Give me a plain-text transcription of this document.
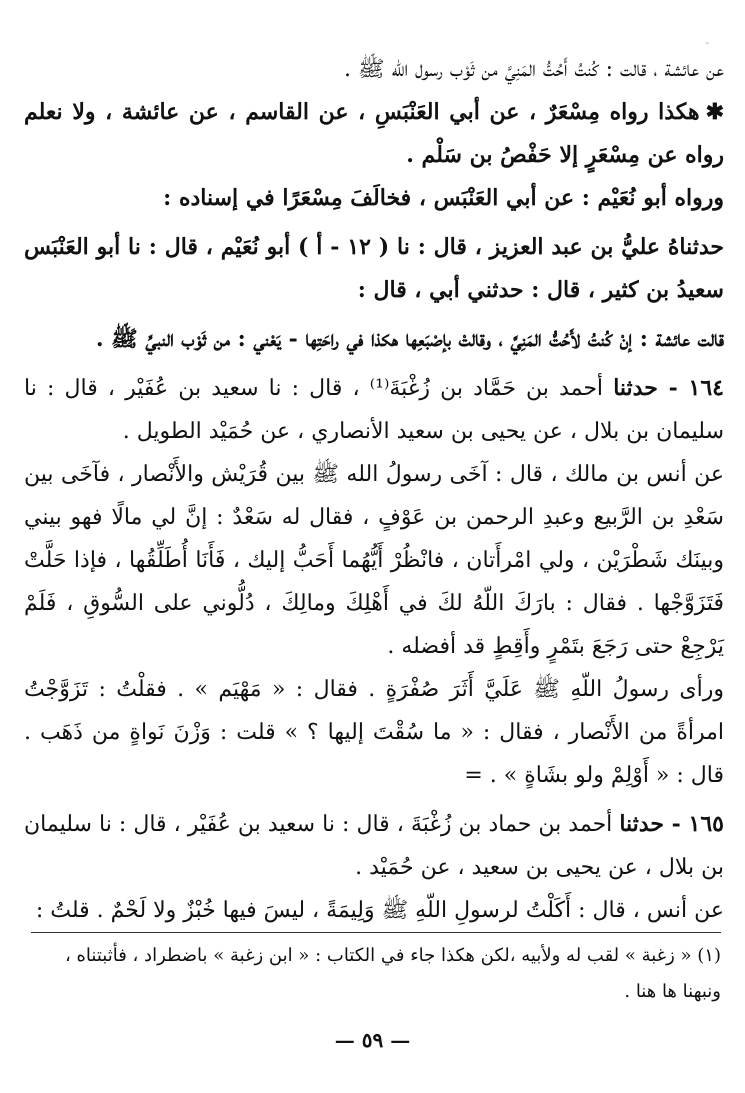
-

عن عائشة ، قالت : كُنتُ أَحُتُّ المَنِيَّ من ثَوْب رسول الله ﷺ .

✱هكذا رواه مِسْعَرٌ ، عن أبي العَنْبَسِ ، عن القاسم ، عن عائشة ، ولا نعلم رواه عن مِسْعَرٍ إلا حَفْصُ بن سَلْم .

ورواه أبو نُعَيْم : عن أبي العَنْبَس ، فخالَفَ مِسْعَرًا في إسناده :

حدثناهُ عليُّ بن عبد العزيز ، قال : نا ( ١٢ - أ ) أبو نُعَيْم ، قال : نا أبو العَنْبَس سعيدُ بن كثير ، قال : حدثني أبي ، قال :

قالت عائشة : إنْ كُنتُ لأَحُتُّ المَنِيَّ ، وقالتْ بإصْبَعِها هكذا في راحَتِها - يَعْني : من ثَوْب النبيِّ ﷺ .

١٦٤ - حدثنا أحمد بن حَمَّاد بن زُغْبَةَ⁽¹⁾ ، قال : نا سعيد بن عُفَيْر ، قال : نا سليمان بن بلال ، عن يحيى بن سعيد الأنصاري ، عن حُمَيْد الطويل .

عن أنس بن مالك ، قال : آخَى رسولُ الله ﷺ بين قُرَيْش والأَنْصار ، فآخَى بين سَعْدِ بن الرَّبيع وعبدِ الرحمن بن عَوْفٍ ، فقال له سَعْدٌ : إنَّ لي مالًا فهو بيني وبينَك شَطْرَيْن ، ولي امْرأَتان ، فانْظُرْ أَيُّهُما أَحَبُّ إليك ، فَأَنَا أُطَلِّقُها ، فإذا حَلَّتْ فَتَزَوَّجْها . فقال : بارَكَ اللّهُ لكَ في أَهْلِكَ ومالِكَ ، دُلُّوني على السُّوقِ ، فَلَمْ يَرْجِعْ حتى رَجَعَ بتَمْرٍ وأَقِطٍ قد أفضله .

ورأى رسولُ اللّهِ ﷺ عَلَيَّ أَثَرَ صُفْرَةٍ . فقال : « مَهْيَم » . فقلْتُ : تَزَوَّجْتُ امرأةً من الأَنْصار ، فقال : « ما سُقْتَ إليها ؟ » قلت : وَزْنَ نَواةٍ من ذَهَب . قال : « أَوْلِمْ ولو بشَاةٍ » . =

١٦٥ - حدثنا أحمد بن حماد بن زُغْبَةَ ، قال : نا سعيد بن عُفَيْر ، قال : نا سليمان بن بلال ، عن يحيى بن سعيد ، عن حُمَيْد .

عن أنس ، قال : أَكَلْتُ لرسولِ اللّهِ ﷺ وَلِيمَةً ، ليسَ فيها خُبْزٌ ولا لَحْمٌ . قلتُ :

(١) « زغبة » لقب له ولأبيه ،لكن هكذا جاء في الكتاب : « ابن زغبة » باضطراد ، فأثبتناه ،

ونبهنا ها هنا .

— ٥٩ —
